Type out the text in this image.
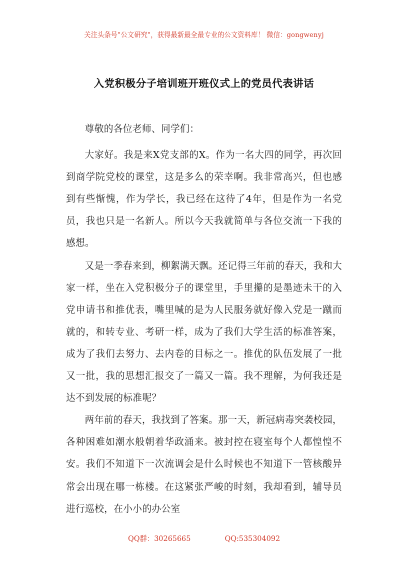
关注头条号"公文研究"，获得最新最全最专业的公文资料库！ 微信：gongwenyj
入党积极分子培训班开班仪式上的党员代表讲话

尊敬的各位老师、同学们：

大家好。我是来X党支部的X。作为一名大四的同学，再次回到商学院党校的课堂，这是多么的荣幸啊。我非常高兴，但也感到有些惭愧，作为学长，我已经在这待了4年，但是作为一名党员，我也只是一名新人。所以今天我就简单与各位交流一下我的感想。

又是一季春来到，柳絮满天飘。还记得三年前的春天，我和大家一样，坐在入党积极分子的课堂里，手里攥的是墨迹未干的入党申请书和推优表，嘴里喊的是为人民服务就好像入党是一蹴而就的，和转专业、考研一样，成为了我们大学生活的标准答案，成为了我们去努力、去内卷的目标之一。推优的队伍发展了一批又一批，我的思想汇报交了一篇又一篇。我不理解，为何我还是达不到发展的标准呢？

两年前的春天，我找到了答案。那一天，新冠病毒突袭校园，各种困难如潮水般朝着华政涌来。被封控在寝室每个人都惶惶不安。我们不知道下一次流调会是什么时候也不知道下一管核酸异常会出现在哪一栋楼。在这紧张严峻的时刻，我却看到，辅导员进行巡校，在小小的办公室

QQ群：30265665	QQ:535304092
